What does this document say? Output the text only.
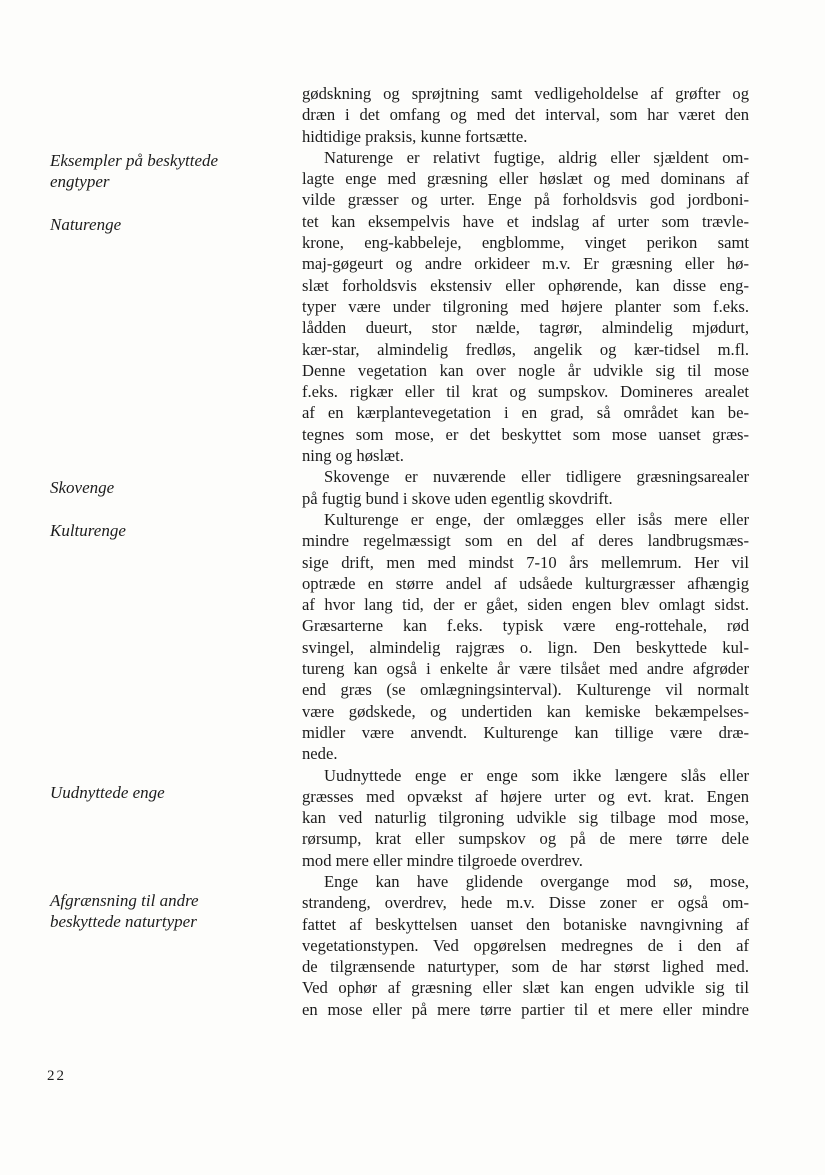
Eksempler på beskyttede
engtyper
Naturenge
Skovenge
Kulturenge
Uudnyttede enge
Afgrænsning til andre
beskyttede naturtyper

gødskning og sprøjtning samt vedligeholdelse af grøfter og
dræn i det omfang og med det interval, som har været den
hidtidige praksis, kunne fortsætte.

Naturenge er relativt fugtige, aldrig eller sjældent om-
lagte enge med græsning eller høslæt og med dominans af
vilde græsser og urter. Enge på forholdsvis god jordboni-
tet kan eksempelvis have et indslag af urter som trævle-
krone, eng-kabbeleje, engblomme, vinget perikon samt
maj-gøgeurt og andre orkideer m.v. Er græsning eller hø-
slæt forholdsvis ekstensiv eller ophørende, kan disse eng-
typer være under tilgroning med højere planter som f.eks.
lådden dueurt, stor nælde, tagrør, almindelig mjødurt,
kær-star, almindelig fredløs, angelik og kær-tidsel m.fl.
Denne vegetation kan over nogle år udvikle sig til mose
f.eks. rigkær eller til krat og sumpskov. Domineres arealet
af en kærplantevegetation i en grad, så området kan be-
tegnes som mose, er det beskyttet som mose uanset græs-
ning og høslæt.

Skovenge er nuværende eller tidligere græsningsarealer
på fugtig bund i skove uden egentlig skovdrift.

Kulturenge er enge, der omlægges eller isås mere eller
mindre regelmæssigt som en del af deres landbrugsmæs-
sige drift, men med mindst 7-10 års mellemrum. Her vil
optræde en større andel af udsåede kulturgræsser afhængig
af hvor lang tid, der er gået, siden engen blev omlagt sidst.
Græsarterne kan f.eks. typisk være eng-rottehale, rød
svingel, almindelig rajgræs o. lign. Den beskyttede kul-
tureng kan også i enkelte år være tilsået med andre afgrøder
end græs (se omlægningsinterval). Kulturenge vil normalt
være gødskede, og undertiden kan kemiske bekæmpelses-
midler være anvendt. Kulturenge kan tillige være dræ-
nede.

Uudnyttede enge er enge som ikke længere slås eller
græsses med opvækst af højere urter og evt. krat. Engen
kan ved naturlig tilgroning udvikle sig tilbage mod mose,
rørsump, krat eller sumpskov og på de mere tørre dele
mod mere eller mindre tilgroede overdrev.

Enge kan have glidende overgange mod sø, mose,
strandeng, overdrev, hede m.v. Disse zoner er også om-
fattet af beskyttelsen uanset den botaniske navngivning af
vegetationstypen. Ved opgørelsen medregnes de i den af
de tilgrænsende naturtyper, som de har størst lighed med.
Ved ophør af græsning eller slæt kan engen udvikle sig til
en mose eller på mere tørre partier til et mere eller mindre

22
